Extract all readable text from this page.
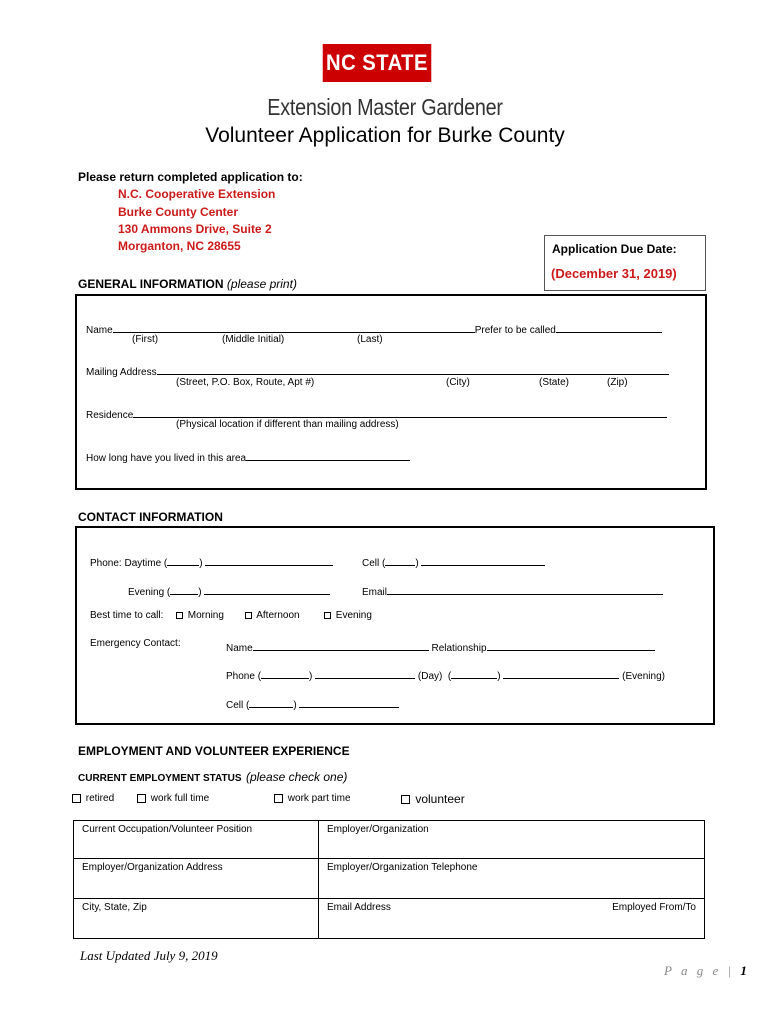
NC STATE
Extension Master Gardener
Volunteer Application for Burke County
Please return completed application to:
N.C. Cooperative Extension
Burke County Center
130 Ammons Drive, Suite 2
Morganton, NC 28655	Application Due Date:
(December 31, 2019)
GENERAL INFORMATION (please print)
Name	Prefer to be called
(First)	(Middle Initial)	(Last)
Mailing Address
(Street, P.O. Box, Route, Apt #)	(City)	(State)	(Zip)
Residence
(Physical location if different than mailing address)
How long have you lived in this area
CONTACT INFORMATION
Phone: Daytime (	)	Cell (	)
Evening (	)	Email
Best time to call:	Morning	Afternoon	Evening
Emergency Contact:	Name	Relationship
Phone (	)	(Day)  (	)	(Evening)
Cell (	)
EMPLOYMENT AND VOLUNTEER EXPERIENCE
CURRENT EMPLOYMENT STATUS (please check one)
retired	work full time	work part time	volunteer
Current Occupation/Volunteer Position	Employer/Organization	
Employer/Organization Address	Employer/Organization Telephone	
City, State, Zip	Email Address	Employed From/To
Last Updated July 9, 2019
P a g e | 1
